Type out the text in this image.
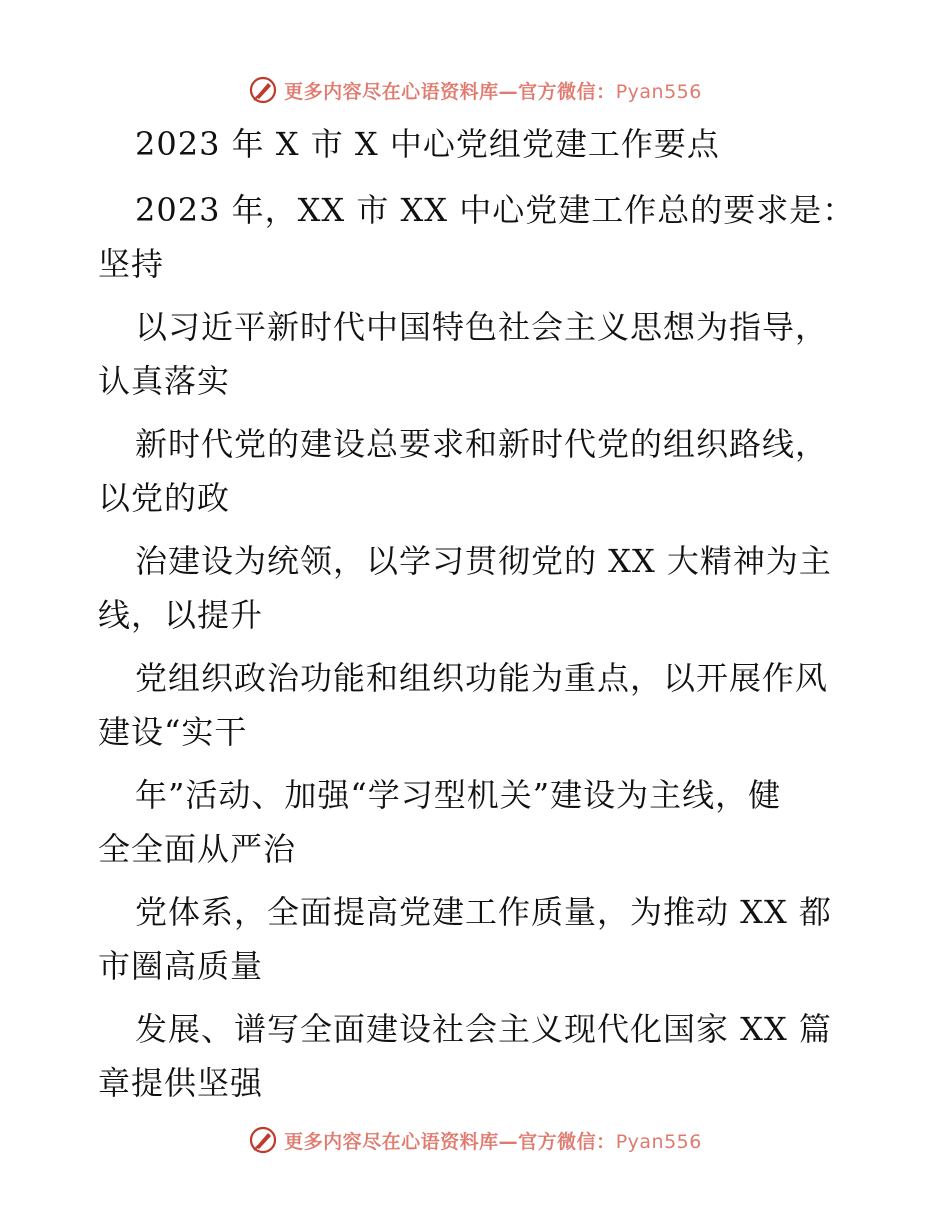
更多内容尽在心语资料库—官方微信：Pyan556
2023 年 X 市 X 中心党组党建工作要点
2023 年，XX 市 XX 中心党建工作总的要求是：
坚持
以习近平新时代中国特色社会主义思想为指导，
认真落实
新时代党的建设总要求和新时代党的组织路线，
以党的政
治建设为统领，以学习贯彻党的 XX 大精神为主
线，以提升
党组织政治功能和组织功能为重点，以开展作风
建设“实干
年”活动、加强“学习型机关”建设为主线，健
全全面从严治
党体系，全面提高党建工作质量，为推动 XX 都
市圈高质量
发展、谱写全面建设社会主义现代化国家 XX 篇
章提供坚强
更多内容尽在心语资料库—官方微信：Pyan556
